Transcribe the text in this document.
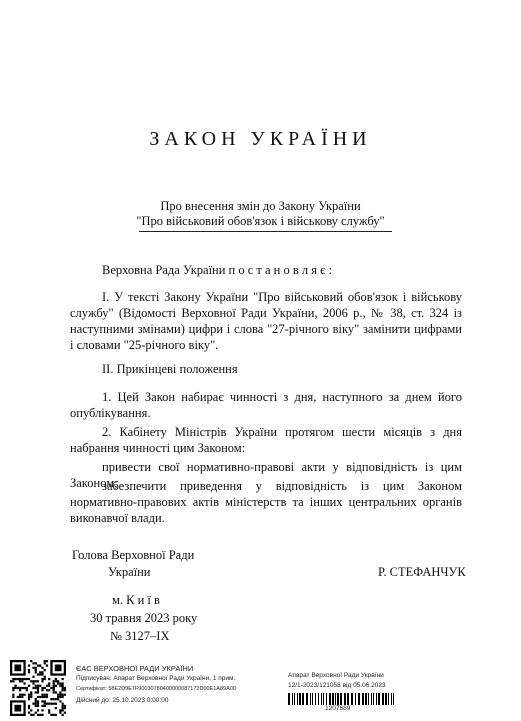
ЗАКОН УКРАЇНИ
Про внесення змін до Закону України
"Про військовий обов'язок і військову службу"
Верховна Рада України п о с т а н о в л я є :
I. У тексті Закону України "Про військовий обов'язок і військову службу" (Відомості Верховної Ради України, 2006 р., № 38, ст. 324 із наступними змінами) цифри і слова "27-річного віку" замінити цифрами і словами "25-річного віку".
II. Прикінцеві положення
1. Цей Закон набирає чинності з дня, наступного за днем його опублікування.
2. Кабінету Міністрів України протягом шести місяців з дня набрання чинності цим Законом:
привести свої нормативно-правові акти у відповідність із цим Законом;
забезпечити приведення у відповідність із цим Законом нормативно-правових актів міністерств та інших центральних органів виконавчої влади.
Голова Верховної Ради
України	Р. СТЕФАНЧУК
м. К и ї в
30 травня 2023 року
№ 3127–IX
ЄАС ВЕРХОВНОЇ РАДИ УКРАЇНИ
Підписувач: Апарат Верховної Ради України, 1 прим.
Сертифікат: 58E2D9E7F90030780400000087172D00E1A89A00
Дійсний до: 25.10.2023 0:00:00
Апарат Верховної Ради України
12/1-2023/121058 від 05.06.2023
1207689
